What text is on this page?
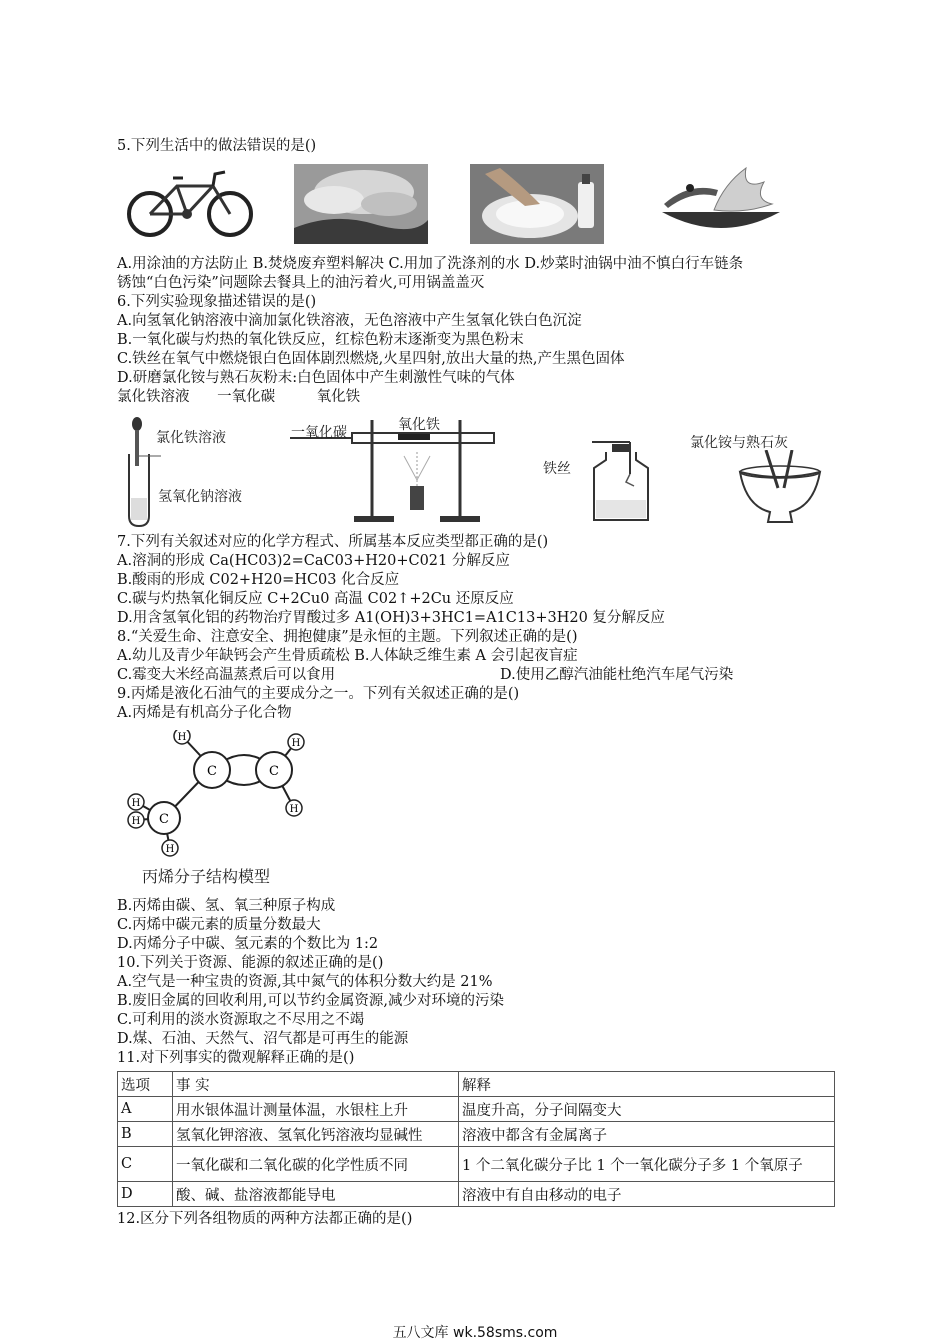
5.下列生活中的做法错误的是()
A.用涂油的方法防止 B.焚烧废弃塑料解决 C.用加了洗涤剂的水 D.炒菜时油锅中油不慎白行车链条
锈蚀“白色污染”问题除去餐具上的油污着火,可用锅盖盖灭
6.下列实验现象描述错误的是()
A.向氢氧化钠溶液中滴加氯化铁溶液，无色溶液中产生氢氧化铁白色沉淀
B.一氧化碳与灼热的氧化铁反应，红棕色粉末逐渐变为黑色粉末
C.铁丝在氧气中燃烧银白色固体剧烈燃烧,火星四射,放出大量的热,产生黑色固体
D.研磨氯化铵与熟石灰粉末:白色固体中产生刺激性气味的气体
氯化铁溶液      一氧化碳         氧化铁
氯化铁溶液
氢氧化钠溶液
一氧化碳	氧化铁
铁丝
氯化铵与熟石灰
7.下列有关叙述对应的化学方程式、所属基本反应类型都正确的是()
A.溶洞的形成 Ca(HC03)2=CaC03+H20+C021 分解反应
B.酸雨的形成 C02+H20=HC03 化合反应
C.碳与灼热氧化铜反应 C+2Cu0 高温 C02↑+2Cu 还原反应
D.用含氢氧化铝的药物治疗胃酸过多 A1(OH)3+3HC1=A1C13+3H20 复分解反应
8.“关爱生命、注意安全、拥抱健康”是永恒的主题。下列叙述正确的是()
A.幼儿及青少年缺钙会产生骨质疏松 B.人体缺乏维生素 A 会引起夜盲症
C.霉变大米经高温蒸煮后可以食用	D.使用乙醇汽油能杜绝汽车尾气污染
9.丙烯是液化石油气的主要成分之一。下列有关叙述正确的是()
A.丙烯是有机高分子化合物
C	C
C
H
H
H
H
H
H
丙烯分子结构模型
B.丙烯由碳、氢、氧三种原子构成
C.丙烯中碳元素的质量分数最大
D.丙烯分子中碳、氢元素的个数比为 1:2
10.下列关于资源、能源的叙述正确的是()
A.空气是一种宝贵的资源,其中氮气的体积分数大约是 21%
B.废旧金属的回收利用,可以节约金属资源,减少对环境的污染
C.可利用的淡水资源取之不尽用之不竭
D.煤、石油、天然气、沼气都是可再生的能源
11.对下列事实的微观解释正确的是()
选项	事 实	解释
A	用水银体温计测量体温，水银柱上升	温度升高，分子间隔变大
B	氢氧化钾溶液、氢氧化钙溶液均显碱性	溶液中都含有金属离子
C	一氧化碳和二氧化碳的化学性质不同	1 个二氧化碳分子比 1 个一氧化碳分子多 1 个氧原子
D	酸、碱、盐溶液都能导电	溶液中有自由移动的电子
12.区分下列各组物质的两种方法都正确的是()
五八文库 wk.58sms.com
